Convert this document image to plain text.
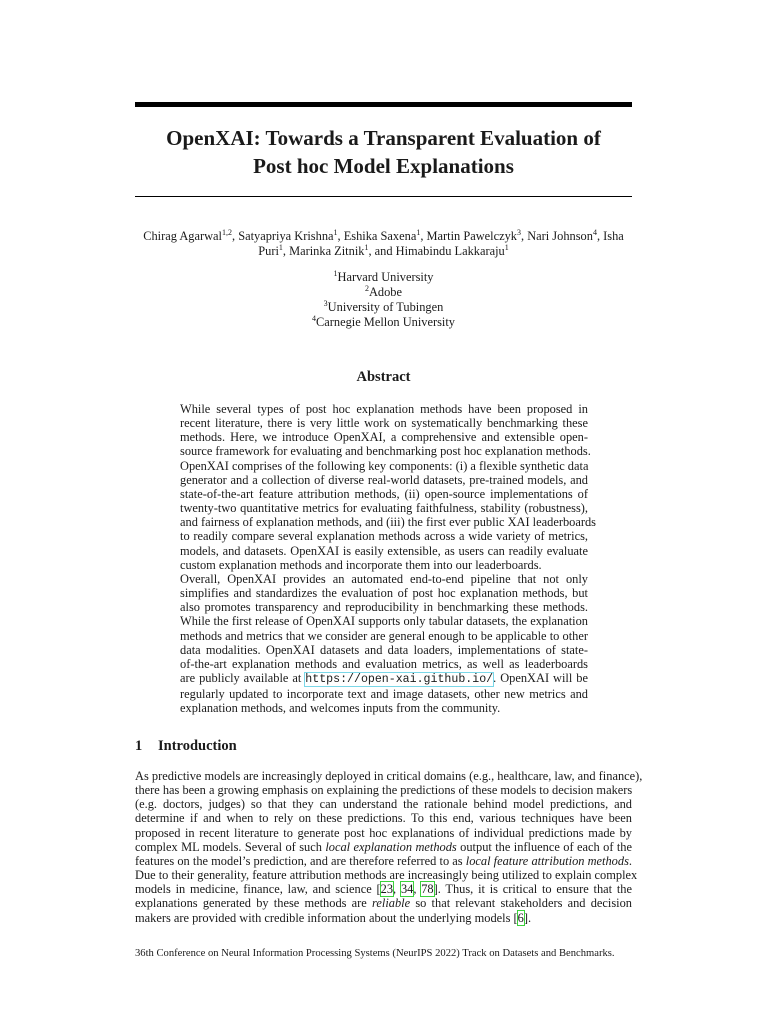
OpenXAI: Towards a Transparent Evaluation of
Post hoc Model Explanations
Chirag Agarwal$^{1,2}$, Satyapriya Krishna$^1$, Eshika Saxena$^1$, Martin Pawelczyk$^3$, Nari Johnson$^4$, Isha
Puri$^1$, Marinka Zitnik$^1$, and Himabindu Lakkaraju$^1$
$^1$Harvard University
$^2$Adobe
$^3$University of Tubingen
$^4$Carnegie Mellon University
Abstract
While several types of post hoc explanation methods have been proposed in
recent literature, there is very little work on systematically benchmarking these
methods. Here, we introduce OpenXAI, a comprehensive and extensible open-
source framework for evaluating and benchmarking post hoc explanation methods.
OpenXAI comprises of the following key components: (i) a flexible synthetic data
generator and a collection of diverse real-world datasets, pre-trained models, and
state-of-the-art feature attribution methods, (ii) open-source implementations of
twenty-two quantitative metrics for evaluating faithfulness, stability (robustness),
and fairness of explanation methods, and (iii) the first ever public XAI leaderboards
to readily compare several explanation methods across a wide variety of metrics,
models, and datasets. OpenXAI is easily extensible, as users can readily evaluate
custom explanation methods and incorporate them into our leaderboards.
Overall, OpenXAI provides an automated end-to-end pipeline that not only
simplifies and standardizes the evaluation of post hoc explanation methods, but
also promotes transparency and reproducibility in benchmarking these methods.
While the first release of OpenXAI supports only tabular datasets, the explanation
methods and metrics that we consider are general enough to be applicable to other
data modalities. OpenXAI datasets and data loaders, implementations of state-
of-the-art explanation methods and evaluation metrics, as well as leaderboards
are publicly available at https://open-xai.github.io/. OpenXAI will be
regularly updated to incorporate text and image datasets, other new metrics and
explanation methods, and welcomes inputs from the community.
1 Introduction
As predictive models are increasingly deployed in critical domains (e.g., healthcare, law, and finance),
there has been a growing emphasis on explaining the predictions of these models to decision makers
(e.g. doctors, judges) so that they can understand the rationale behind model predictions, and
determine if and when to rely on these predictions. To this end, various techniques have been
proposed in recent literature to generate post hoc explanations of individual predictions made by
complex ML models. Several of such local explanation methods output the influence of each of the
features on the model’s prediction, and are therefore referred to as local feature attribution methods.
Due to their generality, feature attribution methods are increasingly being utilized to explain complex
models in medicine, finance, law, and science [23, 34, 78]. Thus, it is critical to ensure that the
explanations generated by these methods are reliable so that relevant stakeholders and decision
makers are provided with credible information about the underlying models [6].
36th Conference on Neural Information Processing Systems (NeurIPS 2022) Track on Datasets and Benchmarks.
